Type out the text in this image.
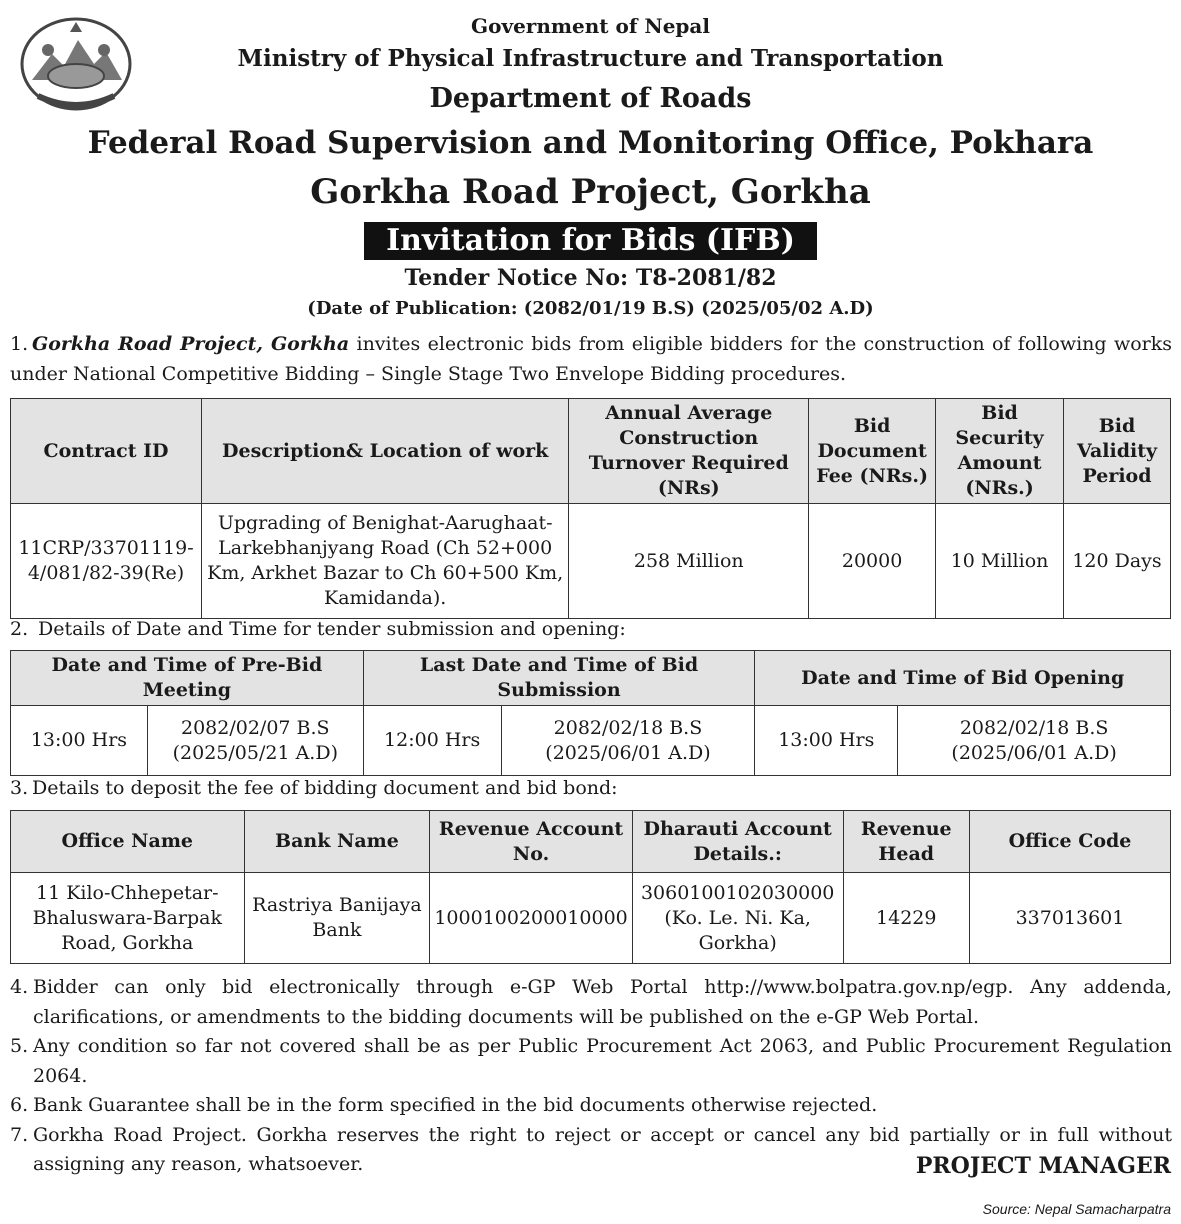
Government of Nepal
Ministry of Physical Infrastructure and Transportation
Department of Roads
Federal Road Supervision and Monitoring Office, Pokhara
Gorkha Road Project, Gorkha
Invitation for Bids (IFB)
Tender Notice No: T8-2081/82
(Date of Publication: (2082/01/19 B.S) (2025/05/02 A.D)
1. Gorkha Road Project, Gorkha invites electronic bids from eligible bidders for the construction of following works under National Competitive Bidding – Single Stage Two Envelope Bidding procedures.
Contract ID	Description& Location of work	Annual Average Construction Turnover Required (NRs)	Bid Document Fee (NRs.)	Bid Security Amount (NRs.)	Bid Validity Period
11CRP/33701119-4/081/82-39(Re)	Upgrading of Benighat-Aarughaat-Larkebhanjyang Road (Ch 52+000 Km, Arkhet Bazar to Ch 60+500 Km, Kamidanda).	258 Million	20000	10 Million	120 Days
2. Details of Date and Time for tender submission and opening:
Date and Time of Pre-Bid Meeting		Last Date and Time of Bid Submission		Date and Time of Bid Opening	
13:00 Hrs	2082/02/07 B.S (2025/05/21 A.D)	12:00 Hrs	2082/02/18 B.S (2025/06/01 A.D)	13:00 Hrs	2082/02/18 B.S (2025/06/01 A.D)
3. Details to deposit the fee of bidding document and bid bond:
Office Name	Bank Name	Revenue Account No.	Dharauti Account Details.:	Revenue Head	Office Code
11 Kilo-Chhepetar-Bhaluswara-Barpak Road, Gorkha	Rastriya Banijaya Bank	1000100200010000	3060100102030000 (Ko. Le. Ni. Ka, Gorkha)	14229	337013601
4. Bidder can only bid electronically through e-GP Web Portal http://www.bolpatra.gov.np/egp. Any addenda, clarifications, or amendments to the bidding documents will be published on the e-GP Web Portal.
5. Any condition so far not covered shall be as per Public Procurement Act 2063, and Public Procurement Regulation 2064.
6. Bank Guarantee shall be in the form specified in the bid documents otherwise rejected.
7. Gorkha Road Project. Gorkha reserves the right to reject or accept or cancel any bid partially or in full without assigning any reason, whatsoever.	PROJECT MANAGER
Source: Nepal Samacharpatra
